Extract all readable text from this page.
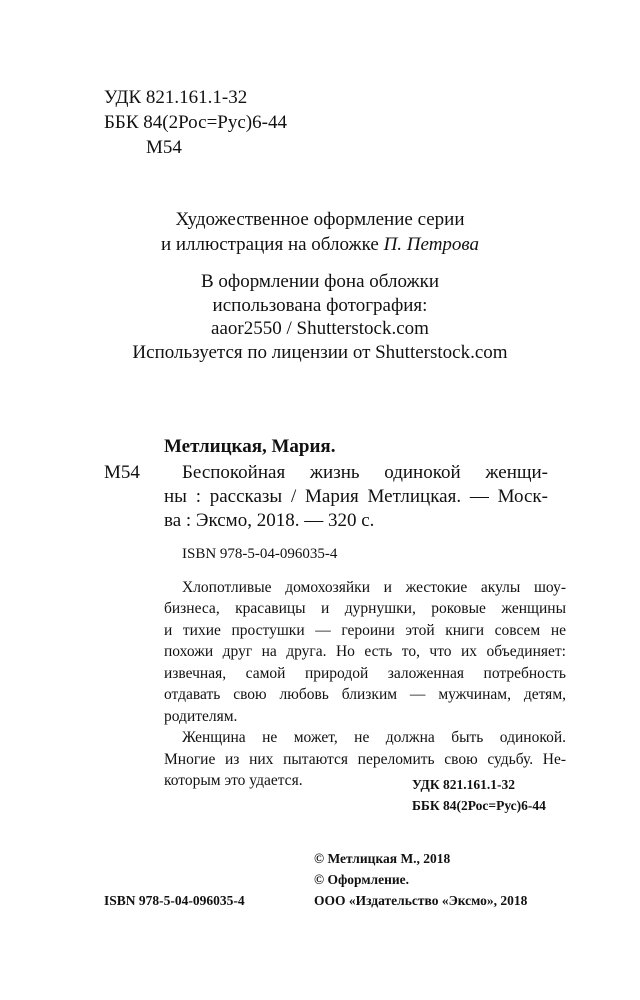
УДК 821.161.1-32

ББК 84(2Рос=Рус)6-44

М54

Художественное оформление серии

и иллюстрация на обложке П. Петрова

В оформлении фона обложки

использована фотография:

aaor2550 / Shutterstock.com

Используется по лицензии от Shutterstock.com

Метлицкая, Мария.

М54 Беспокойная жизнь одинокой женщи-

ны : рассказы / Мария Метлицкая. — Моск-

ва : Эксмо, 2018. — 320 с.

ISBN 978-5-04-096035-4

Хлопотливые домохозяйки и жестокие акулы шоу-

бизнеса, красавицы и дурнушки, роковые женщины

и тихие простушки — героини этой книги совсем не

похожи друг на друга. Но есть то, что их объединяет:

извечная, самой природой заложенная потребность

отдавать свою любовь близким — мужчинам, детям,

родителям.

Женщина не может, не должна быть одинокой.

Многие из них пытаются переломить свою судьбу. Не-

которым это удается.	УДК 821.161.1-32

ББК 84(2Рос=Рус)6-44

© Метлицкая М., 2018

© Оформление.

ISBN 978-5-04-096035-4	ООО «Издательство «Эксмо», 2018
